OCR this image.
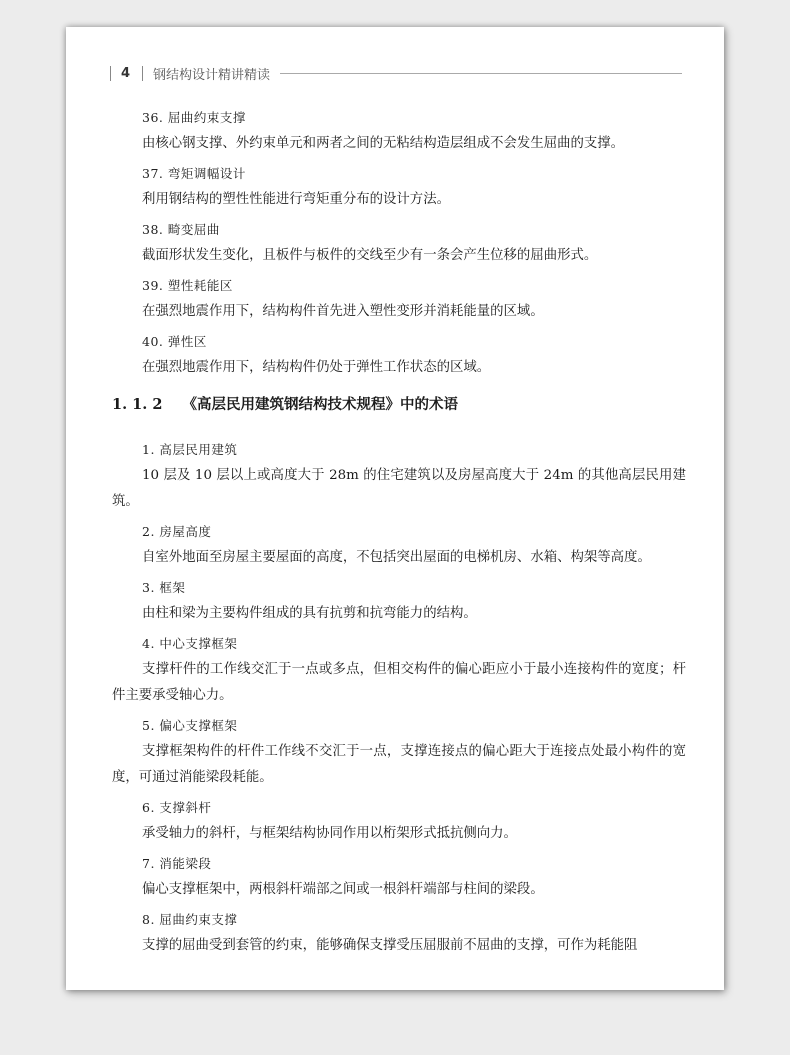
4 钢结构设计精讲精读
36. 屈曲约束支撑
由核心钢支撑、外约束单元和两者之间的无粘结构造层组成不会发生屈曲的支撑。
37. 弯矩调幅设计
利用钢结构的塑性性能进行弯矩重分布的设计方法。
38. 畸变屈曲
截面形状发生变化，且板件与板件的交线至少有一条会产生位移的屈曲形式。
39. 塑性耗能区
在强烈地震作用下，结构构件首先进入塑性变形并消耗能量的区域。
40. 弹性区
在强烈地震作用下，结构构件仍处于弹性工作状态的区域。
1. 1. 2 《高层民用建筑钢结构技术规程》中的术语
1. 高层民用建筑
10 层及 10 层以上或高度大于 28m 的住宅建筑以及房屋高度大于 24m 的其他高层民用建筑。
2. 房屋高度
自室外地面至房屋主要屋面的高度，不包括突出屋面的电梯机房、水箱、构架等高度。
3. 框架
由柱和梁为主要构件组成的具有抗剪和抗弯能力的结构。
4. 中心支撑框架
支撑杆件的工作线交汇于一点或多点，但相交构件的偏心距应小于最小连接构件的宽度；杆件主要承受轴心力。
5. 偏心支撑框架
支撑框架构件的杆件工作线不交汇于一点，支撑连接点的偏心距大于连接点处最小构件的宽度，可通过消能梁段耗能。
6. 支撑斜杆
承受轴力的斜杆，与框架结构协同作用以桁架形式抵抗侧向力。
7. 消能梁段
偏心支撑框架中，两根斜杆端部之间或一根斜杆端部与柱间的梁段。
8. 屈曲约束支撑
支撑的屈曲受到套管的约束，能够确保支撑受压屈服前不屈曲的支撑，可作为耗能阻
